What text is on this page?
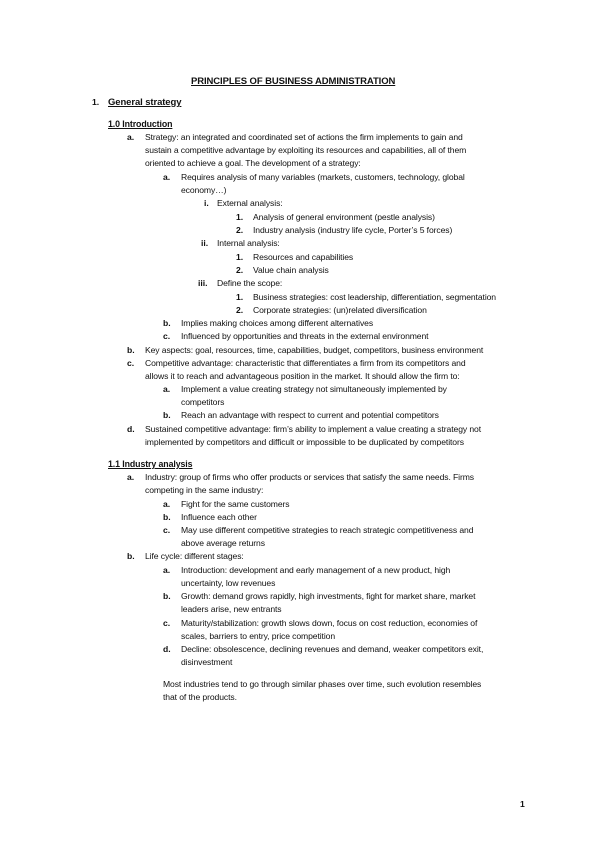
PRINCIPLES OF BUSINESS ADMINISTRATION
1. General strategy
1.0 Introduction
a. Strategy: an integrated and coordinated set of actions the firm implements to gain and
sustain a competitive advantage by exploiting its resources and capabilities, all of them
oriented to achieve a goal. The development of a strategy:
a. Requires analysis of many variables (markets, customers, technology, global
economy…)
i. External analysis:
1. Analysis of general environment (pestle analysis)
2. Industry analysis (industry life cycle, Porter’s 5 forces)
ii. Internal analysis:
1. Resources and capabilities
2. Value chain analysis
iii. Define the scope:
1. Business strategies: cost leadership, differentiation, segmentation
2. Corporate strategies: (un)related diversification
b. Implies making choices among different alternatives
c. Influenced by opportunities and threats in the external environment
b. Key aspects: goal, resources, time, capabilities, budget, competitors, business environment
c. Competitive advantage: characteristic that differentiates a firm from its competitors and
allows it to reach and advantageous position in the market. It should allow the firm to:
a. Implement a value creating strategy not simultaneously implemented by
competitors
b. Reach an advantage with respect to current and potential competitors
d. Sustained competitive advantage: firm’s ability to implement a value creating a strategy not
implemented by competitors and difficult or impossible to be duplicated by competitors
1.1 Industry analysis
a. Industry: group of firms who offer products or services that satisfy the same needs. Firms
competing in the same industry:
a. Fight for the same customers
b. Influence each other
c. May use different competitive strategies to reach strategic competitiveness and
above average returns
b. Life cycle: different stages:
a. Introduction: development and early management of a new product, high
uncertainty, low revenues
b. Growth: demand grows rapidly, high investments, fight for market share, market
leaders arise, new entrants
c. Maturity/stabilization: growth slows down, focus on cost reduction, economies of
scales, barriers to entry, price competition
d. Decline: obsolescence, declining revenues and demand, weaker competitors exit,
disinvestment
Most industries tend to go through similar phases over time, such evolution resembles
that of the products.
1
